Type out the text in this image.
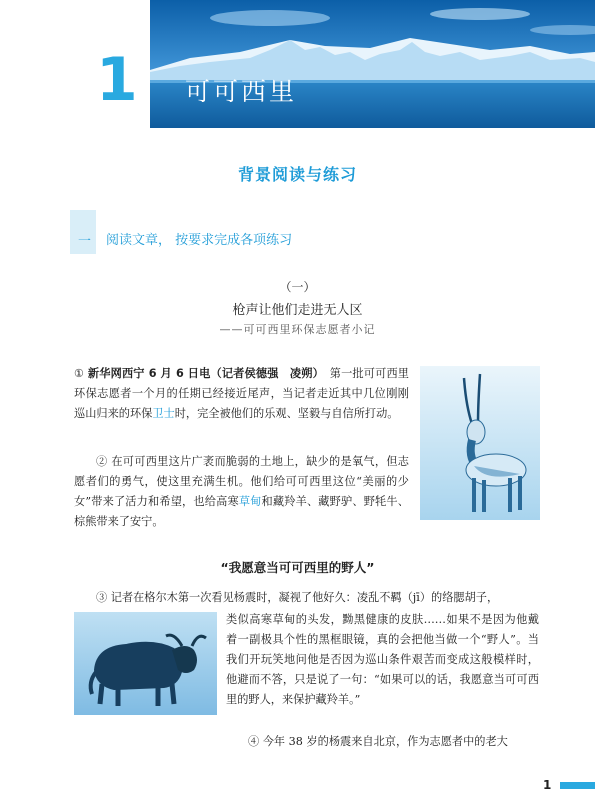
1 可可西里
背景阅读与练习
一 阅读文章， 按要求完成各项练习
（一）
枪声让他们走进无人区
——可可西里环保志愿者小记

① 新华网西宁 6 月 6 日电（记者侯德强　凌朔）　第一批可可西里环保志愿者一个月的任期已经接近尾声，当记者走近其中几位刚刚巡山归来的环保卫士时，完全被他们的乐观、坚毅与自信所打动。

② 在可可西里这片广袤而脆弱的土地上，缺少的是氧气，但志愿者们的勇气，使这里充满生机。他们给可可西里这位“美丽的少女”带来了活力和希望，也给高寒草甸和藏羚羊、藏野驴、野牦牛、棕熊带来了安宁。

“我愿意当可可西里的野人”

③ 记者在格尔木第一次看见杨震时，凝视了他好久：凌乱不羁（jī）的络腮胡子，

类似高寒草甸的头发，黝黑健康的皮肤……如果不是因为他戴着一副极具个性的黑框眼镜，真的会把他当做一个“野人”。当我们开玩笑地问他是否因为巡山条件艰苦而变成这般模样时，他避而不答，只是说了一句：“如果可以的话，我愿意当可可西里的野人，来保护藏羚羊。”

④ 今年 38 岁的杨震来自北京，作为志愿者中的老大

1
